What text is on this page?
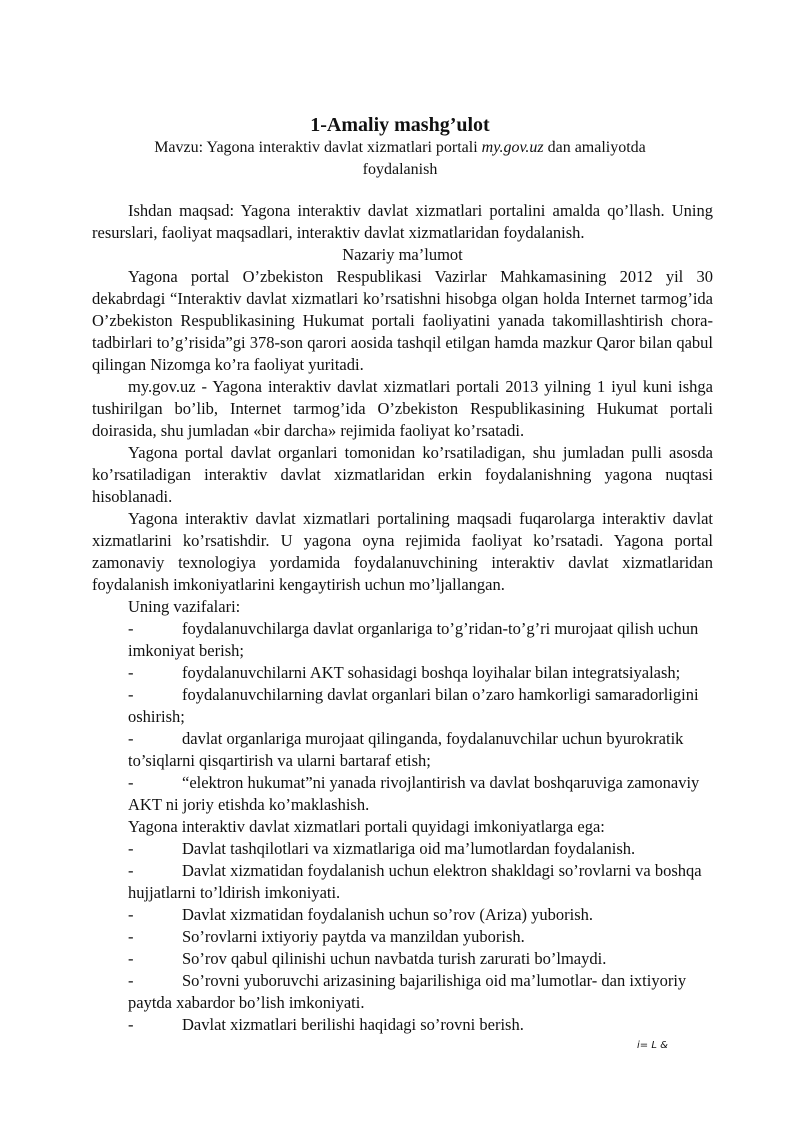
1-Amaliy mashg’ulot
Mavzu: Yagona interaktiv davlat xizmatlari portali my.gov.uz dan amaliyotda foydalanish

Ishdan maqsad: Yagona interaktiv davlat xizmatlari portalini amalda qo’llash. Uning resurslari, faoliyat maqsadlari, interaktiv davlat xizmatlaridan foydalanish.

Nazariy ma’lumot

Yagona portal O’zbekiston Respublikasi Vazirlar Mahkamasining 2012 yil 30 dekabrdagi “Interaktiv davlat xizmatlari ko’rsatishni hisobga olgan holda Internet tarmog’ida O’zbekiston Respublikasining Hukumat portali faoliyatini yanada takomillashtirish chora-tadbirlari to’g’risida”gi 378-son qarori aosida tashqil etilgan hamda mazkur Qaror bilan qabul qilingan Nizomga ko’ra faoliyat yuritadi.

my.gov.uz - Yagona interaktiv davlat xizmatlari portali 2013 yilning 1 iyul kuni ishga tushirilgan bo’lib, Internet tarmog’ida O’zbekiston Respublikasining Hukumat portali doirasida, shu jumladan «bir darcha» rejimida faoliyat ko’rsatadi.

Yagona portal davlat organlari tomonidan ko’rsatiladigan, shu jumladan pulli asosda ko’rsatiladigan interaktiv davlat xizmatlaridan erkin foydalanishning yagona nuqtasi hisoblanadi.

Yagona interaktiv davlat xizmatlari portalining maqsadi fuqarolarga interaktiv davlat xizmatlarini ko’rsatishdir. U yagona oyna rejimida faoliyat ko’rsatadi. Yagona portal zamonaviy texnologiya yordamida foydalanuvchining interaktiv davlat xizmatlaridan foydalanish imkoniyatlarini kengaytirish uchun mo’ljallangan.

Uning vazifalari:

-	foydalanuvchilarga davlat organlariga to’g’ridan-to’g’ri murojaat qilish uchun imkoniyat berish;

-	foydalanuvchilarni AKT sohasidagi boshqa loyihalar bilan integratsiyalash;

-	foydalanuvchilarning davlat organlari bilan o’zaro hamkorligi samaradorligini oshirish;

-	davlat organlariga murojaat qilinganda, foydalanuvchilar uchun byurokratik to’siqlarni qisqartirish va ularni bartaraf etish;

-	“elektron hukumat”ni yanada rivojlantirish va davlat boshqaruviga zamonaviy AKT ni joriy etishda ko’maklashish.

Yagona interaktiv davlat xizmatlari portali quyidagi imkoniyatlarga ega:

-	Davlat tashqilotlari va xizmatlariga oid ma’lumotlardan foydalanish.

-	Davlat xizmatidan foydalanish uchun elektron shakldagi so’rovlarni va boshqa hujjatlarni to’ldirish imkoniyati.

-	Davlat xizmatidan foydalanish uchun so’rov (Ariza) yuborish.

-	So’rovlarni ixtiyoriy paytda va manzildan yuborish.

-	So’rov qabul qilinishi uchun navbatda turish zarurati bo’lmaydi.

-	So’rovni yuboruvchi arizasining bajarilishiga oid ma’lumotlar- dan ixtiyoriy paytda xabardor bo’lish imkoniyati.

-	Davlat xizmatlari berilishi haqidagi so’rovni berish.

i= L &
